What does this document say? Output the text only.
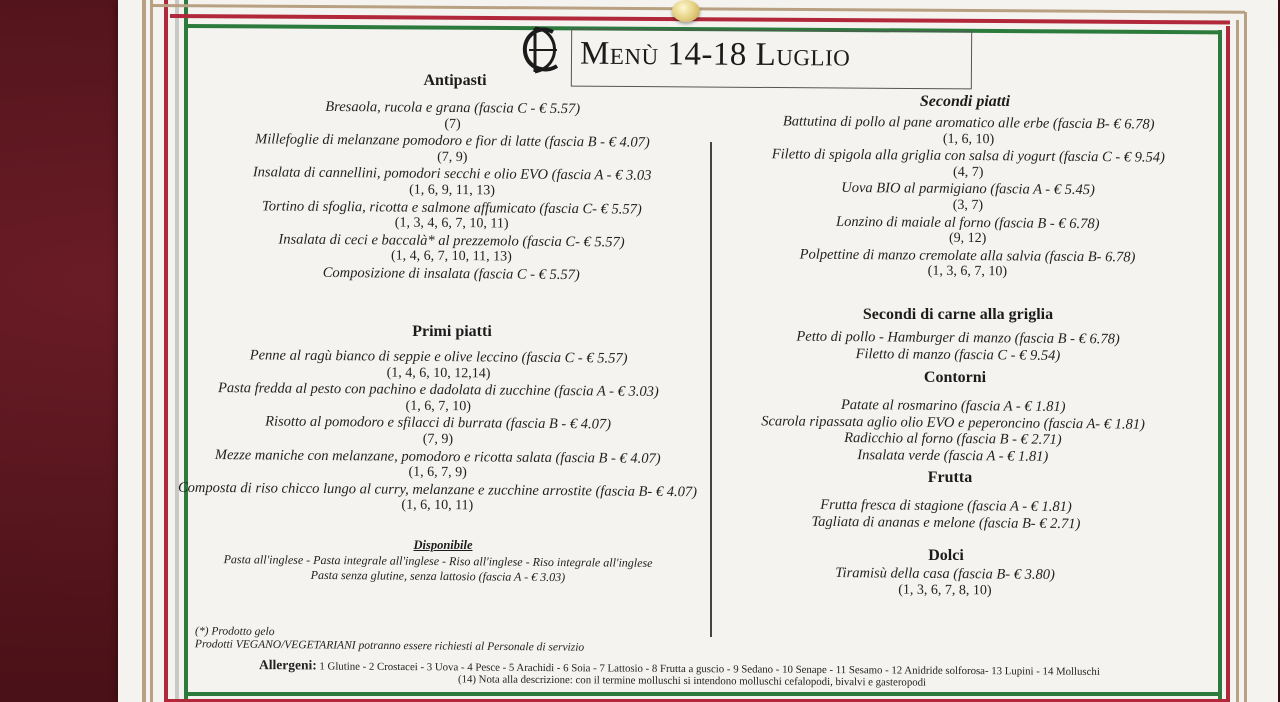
Menù 14-18 Luglio
Antipasti
Bresaola, rucola e grana (fascia C - € 5.57)
(7)
Millefoglie di melanzane pomodoro e fior di latte (fascia B - € 4.07)
(7, 9)
Insalata di cannellini, pomodori secchi e olio EVO (fascia A - € 3.03
(1, 6, 9, 11, 13)
Tortino di sfoglia, ricotta e salmone affumicato (fascia C- € 5.57)
(1, 3, 4, 6, 7, 10, 11)
Insalata di ceci e baccalà* al prezzemolo (fascia C- € 5.57)
(1, 4, 6, 7, 10, 11, 13)
Composizione di insalata (fascia C - € 5.57)
Primi piatti
Penne al ragù bianco di seppie e olive leccino (fascia C - € 5.57)
(1, 4, 6, 10, 12,14)
Pasta fredda al pesto con pachino e dadolata di zucchine (fascia A - € 3.03)
(1, 6, 7, 10)
Risotto al pomodoro e sfilacci di burrata (fascia B - € 4.07)
(7, 9)
Mezze maniche con melanzane, pomodoro e ricotta salata (fascia B - € 4.07)
(1, 6, 7, 9)
Composta di riso chicco lungo al curry, melanzane e zucchine arrostite (fascia B- € 4.07)
(1, 6, 10, 11)
Disponibile
Pasta all'inglese - Pasta integrale all'inglese - Riso all'inglese - Riso integrale all'inglese
Pasta senza glutine, senza lattosio (fascia A - € 3.03)
Secondi piatti
Battutina di pollo al pane aromatico alle erbe (fascia B- € 6.78)
(1, 6, 10)
Filetto di spigola alla griglia con salsa di yogurt (fascia C - € 9.54)
(4, 7)
Uova BIO al parmigiano (fascia A - € 5.45)
(3, 7)
Lonzino di maiale al forno (fascia B - € 6.78)
(9, 12)
Polpettine di manzo cremolate alla salvia (fascia B- 6.78)
(1, 3, 6, 7, 10)
Secondi di carne alla griglia
Petto di pollo - Hamburger di manzo (fascia B - € 6.78)
Filetto di manzo (fascia C - € 9.54)
Contorni
Patate al rosmarino (fascia A - € 1.81)
Scarola ripassata aglio olio EVO e peperoncino (fascia A- € 1.81)
Radicchio al forno (fascia B - € 2.71)
Insalata verde (fascia A - € 1.81)
Frutta
Frutta fresca di stagione (fascia A - € 1.81)
Tagliata di ananas e melone (fascia B- € 2.71)
Dolci
Tiramisù della casa (fascia B- € 3.80)
(1, 3, 6, 7, 8, 10)
(*) Prodotto gelo
Prodotti VEGANO/VEGETARIANI potranno essere richiesti al Personale di servizio
Allergeni: 1 Glutine - 2 Crostacei - 3 Uova - 4 Pesce - 5 Arachidi - 6 Soia - 7 Lattosio - 8 Frutta a guscio - 9 Sedano - 10 Senape - 11 Sesamo - 12 Anidride solforosa- 13 Lupini - 14 Molluschi
(14) Nota alla descrizione: con il termine molluschi si intendono molluschi cefalopodi, bivalvi e gasteropodi
